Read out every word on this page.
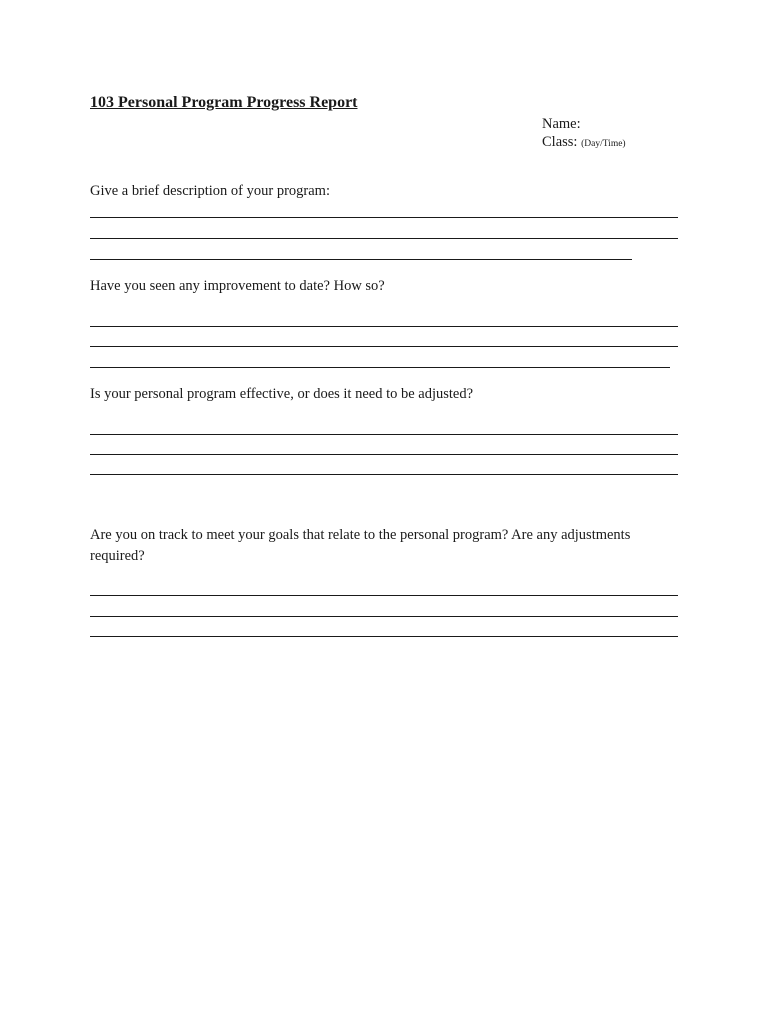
103 Personal Program Progress Report
Name:
Class: (Day/Time)
Give a brief description of your program:
Have you seen any improvement to date? How so?
Is your personal program effective, or does it need to be adjusted?
Are you on track to meet your goals that relate to the personal program? Are any adjustments required?
